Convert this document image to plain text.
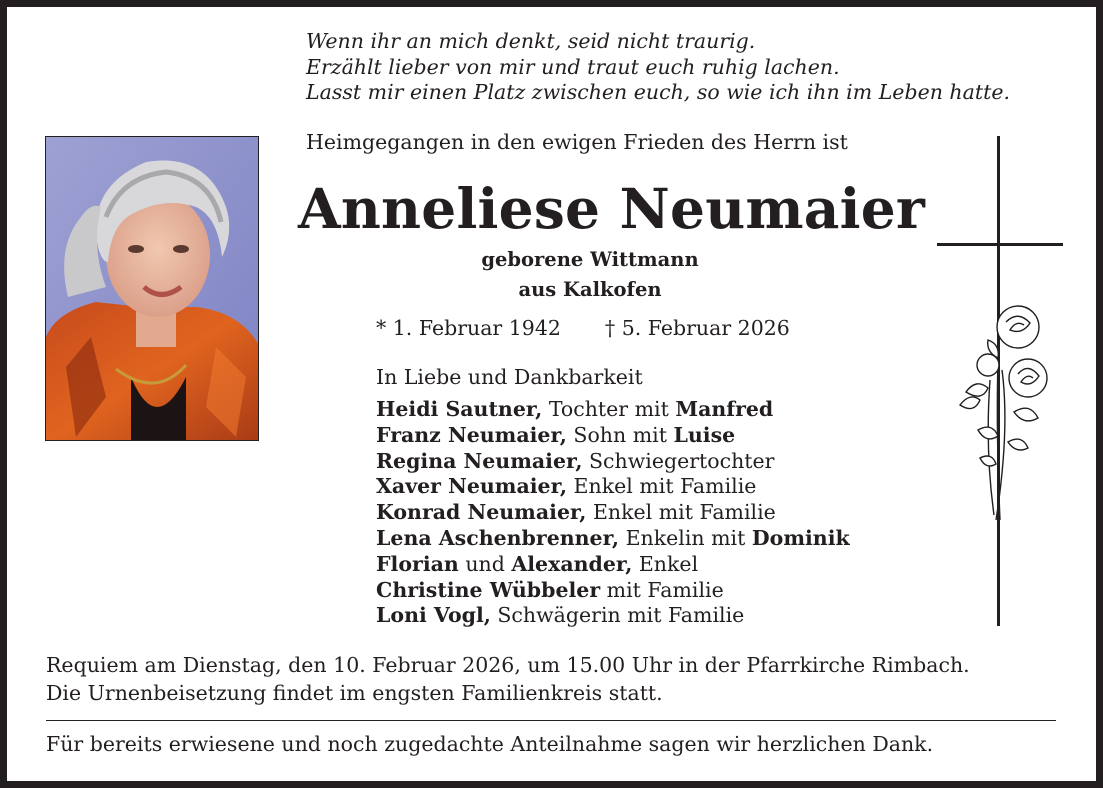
Wenn ihr an mich denkt, seid nicht traurig.
Erzählt lieber von mir und traut euch ruhig lachen.
Lasst mir einen Platz zwischen euch, so wie ich ihn im Leben hatte.
Heimgegangen in den ewigen Frieden des Herrn ist
Anneliese Neumaier
geborene Wittmann
aus Kalkofen
* 1. Februar 1942 † 5. Februar 2026
In Liebe und Dankbarkeit
Heidi Sautner, Tochter mit Manfred
Franz Neumaier, Sohn mit Luise
Regina Neumaier, Schwiegertochter
Xaver Neumaier, Enkel mit Familie
Konrad Neumaier, Enkel mit Familie
Lena Aschenbrenner, Enkelin mit Dominik
Florian und Alexander, Enkel
Christine Wübbeler mit Familie
Loni Vogl, Schwägerin mit Familie
Requiem am Dienstag, den 10. Februar 2026, um 15.00 Uhr in der Pfarrkirche Rimbach.
Die Urnenbeisetzung findet im engsten Familienkreis statt.
Für bereits erwiesene und noch zugedachte Anteilnahme sagen wir herzlichen Dank.
